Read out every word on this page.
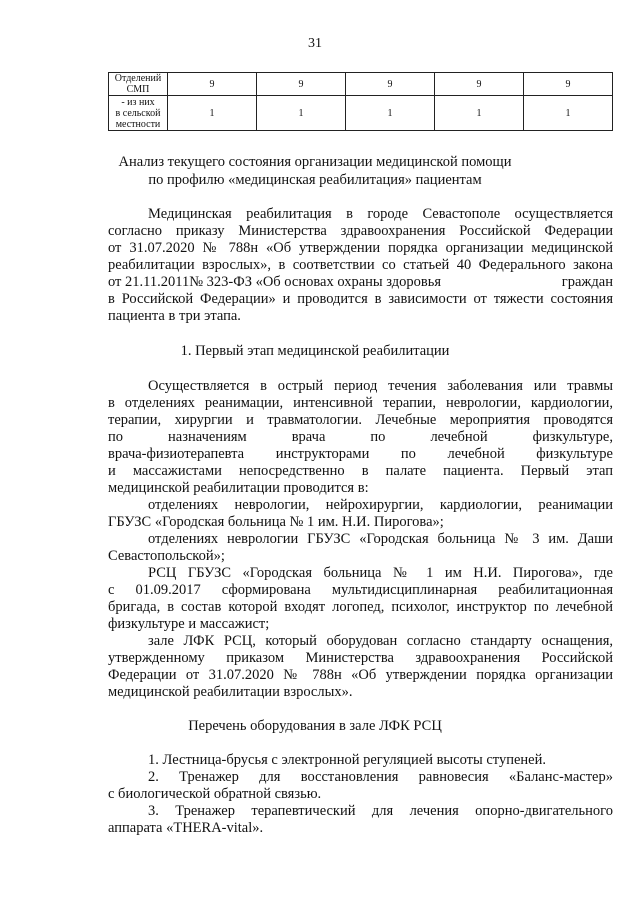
31
Отделений
СМП	9	9	9	9	9
- из них
в сельской
местности	1	1	1	1	1
Анализ текущего состояния организации медицинской помощи
по профилю «медицинская реабилитация» пациентам
Медицинская реабилитация в городе Севастополе осуществляется
согласно приказу Министерства здравоохранения Российской Федерации
от 31.07.2020 № 788н «Об утверждении порядка организации медицинской
реабилитации взрослых», в соответствии со статьей 40 Федерального закона
от 21.11.2011№ 323-ФЗ «Об основах охраны здоровья	граждан
в Российской Федерации» и проводится в зависимости от тяжести состояния
пациента в три этапа.
1. Первый этап медицинской реабилитации
Осуществляется в острый период течения заболевания или травмы
в отделениях реанимации, интенсивной терапии, неврологии, кардиологии,
терапии, хирургии и травматологии. Лечебные мероприятия проводятся
по назначениям врача по лечебной физкультуре,
врача-физиотерапевта инструкторами по лечебной физкультуре
и массажистами непосредственно в палате пациента. Первый этап
медицинской реабилитации проводится в:
отделениях неврологии, нейрохирургии, кардиологии, реанимации
ГБУЗС «Городская больница № 1 им. Н.И. Пирогова»;
отделениях неврологии ГБУЗС «Городская больница № 3 им. Даши
Севастопольской»;
РСЦ ГБУЗС «Городская больница № 1 им Н.И. Пирогова», где
с 01.09.2017 сформирована мультидисциплинарная реабилитационная
бригада, в состав которой входят логопед, психолог, инструктор по лечебной
физкультуре и массажист;
зале ЛФК РСЦ, который оборудован согласно стандарту оснащения,
утвержденному приказом Министерства здравоохранения Российской
Федерации от 31.07.2020 № 788н «Об утверждении порядка организации
медицинской реабилитации взрослых».
Перечень оборудования в зале ЛФК РСЦ
1. Лестница-брусья с электронной регуляцией высоты ступеней.
2. Тренажер для восстановления равновесия «Баланс-мастер»
с биологической обратной связью.
3. Тренажер терапевтический для лечения опорно-двигательного
аппарата «THERA-vital».
